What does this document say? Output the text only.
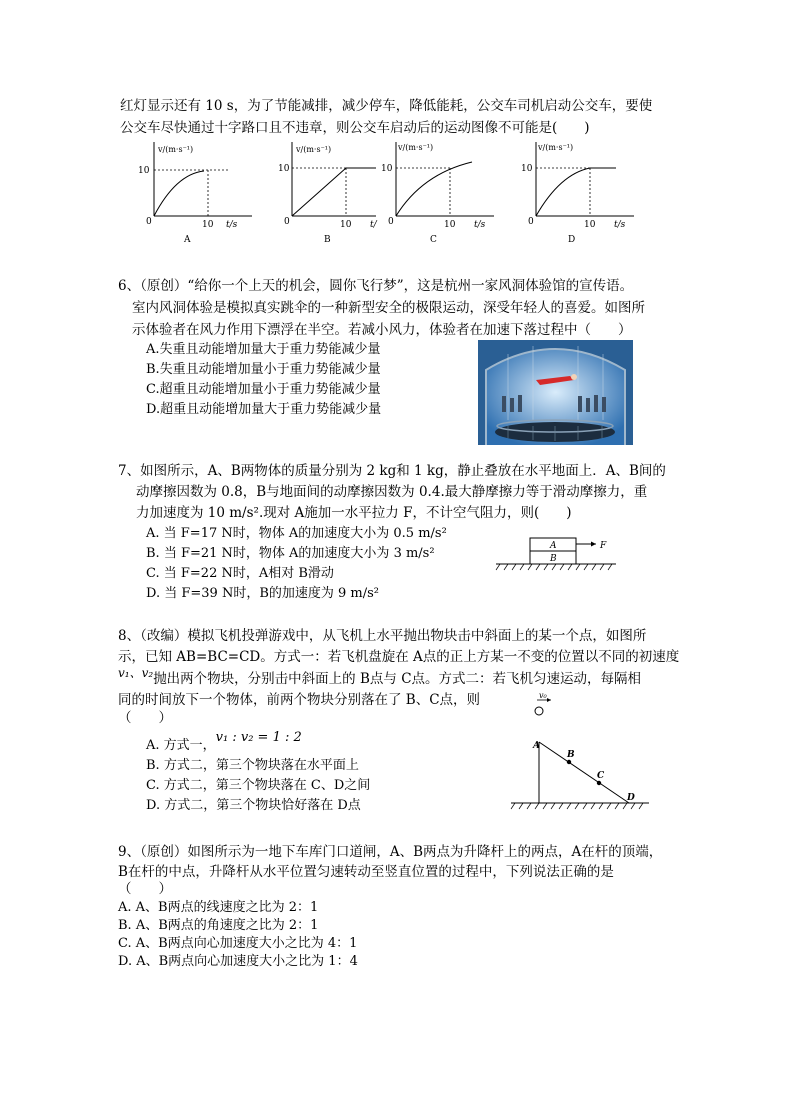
红灯显示还有 10 s，为了节能减排，减少停车，降低能耗，公交车司机启动公交车，要使
公交车尽快通过十字路口且不违章，则公交车启动后的运动图像不可能是(　　)
v/(m·s⁻¹)
10
0	10 t/s
A
v/(m·s⁻¹)
10
0	10 t/
B
v/(m·s⁻¹)
10
0	10 t/s
C
v/(m·s⁻¹)
10
0	10 t/s
D
6、（原创）“给你一个上天的机会，圆你飞行梦”，这是杭州一家风洞体验馆的宣传语。
室内风洞体验是模拟真实跳伞的一种新型安全的极限运动，深受年轻人的喜爱。如图所
示体验者在风力作用下漂浮在半空。若减小风力，体验者在加速下落过程中（　　）
A.失重且动能增加量大于重力势能减少量
B.失重且动能增加量小于重力势能减少量
C.超重且动能增加量小于重力势能减少量
D.超重且动能增加量大于重力势能减少量
7、如图所示，A、B两物体的质量分别为 2 kg和 1 kg，静止叠放在水平地面上．A、B间的
动摩擦因数为 0.8，B与地面间的动摩擦因数为 0.4.最大静摩擦力等于滑动摩擦力，重
力加速度为 10 m/s².现对 A施加一水平拉力 F，不计空气阻力，则(　　)
A. 当 F=17 N时，物体 A的加速度大小为 0.5 m/s²
B. 当 F=21 N时，物体 A的加速度大小为 3 m/s²
C. 当 F=22 N时，A相对 B滑动
D. 当 F=39 N时，B的加速度为 9 m/s²
A
B
F
8、（改编）模拟飞机投弹游戏中，从飞机上水平抛出物块击中斜面上的某一个点，如图所
示，已知 AB=BC=CD。方式一：若飞机盘旋在 A点的正上方某一不变的位置以不同的初速度
v₁、v₂抛出两个物块，分别击中斜面上的 B点与 C点。方式二：若飞机匀速运动，每隔相
同的时间放下一个物体，前两个物块分别落在了 B、C点，则
（　　）
A. 方式一，v₁ : v₂ = 1 : 2
B. 方式二，第三个物块落在水平面上
C. 方式二，第三个物块落在 C、D之间
D. 方式二，第三个物块恰好落在 D点
v₀
A
B
C
D
9、（原创）如图所示为一地下车库门口道闸，A、B两点为升降杆上的两点，A在杆的顶端，
B在杆的中点，升降杆从水平位置匀速转动至竖直位置的过程中，下列说法正确的是
（　　）
A. A、B两点的线速度之比为 2：1
B. A、B两点的角速度之比为 2：1
C. A、B两点向心加速度大小之比为 4：1
D. A、B两点向心加速度大小之比为 1：4
